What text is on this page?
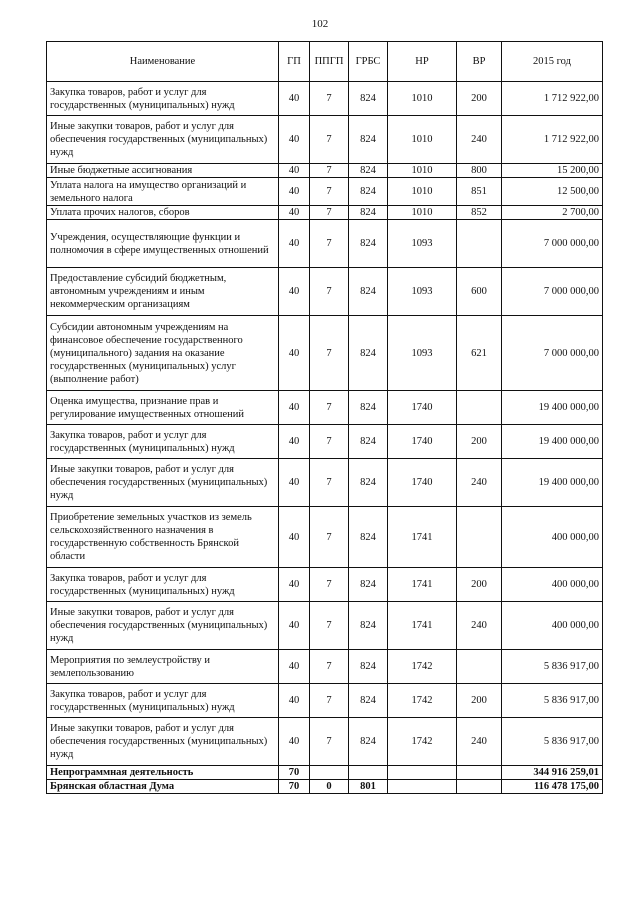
102
Наименование	ГП	ППГП	ГРБС	НР	ВР	2015 год
Закупка товаров, работ и услуг для государственных (муниципальных) нужд	40	7	824	1010	200	1 712 922,00
Иные закупки товаров, работ и услуг для обеспечения государственных (муниципальных) нужд	40	7	824	1010	240	1 712 922,00
Иные бюджетные ассигнования	40	7	824	1010	800	15 200,00
Уплата налога на имущество организаций и земельного налога	40	7	824	1010	851	12 500,00
Уплата прочих налогов, сборов	40	7	824	1010	852	2 700,00
Учреждения, осуществляющие функции и полномочия в сфере имущественных отношений	40	7	824	1093		7 000 000,00
Предоставление субсидий бюджетным, автономным учреждениям и иным некоммерческим организациям	40	7	824	1093	600	7 000 000,00
Субсидии автономным учреждениям на финансовое обеспечение государственного (муниципального) задания на оказание государственных (муниципальных) услуг (выполнение работ)	40	7	824	1093	621	7 000 000,00
Оценка имущества, признание прав и регулирование имущественных отношений	40	7	824	1740		19 400 000,00
Закупка товаров, работ и услуг для государственных (муниципальных) нужд	40	7	824	1740	200	19 400 000,00
Иные закупки товаров, работ и услуг для обеспечения государственных (муниципальных) нужд	40	7	824	1740	240	19 400 000,00
Приобретение земельных участков из земель сельскохозяйственного назначения в государственную собственность Брянской области	40	7	824	1741		400 000,00
Закупка товаров, работ и услуг для государственных (муниципальных) нужд	40	7	824	1741	200	400 000,00
Иные закупки товаров, работ и услуг для обеспечения государственных (муниципальных) нужд	40	7	824	1741	240	400 000,00
Мероприятия по землеустройству и землепользованию	40	7	824	1742		5 836 917,00
Закупка товаров, работ и услуг для государственных (муниципальных) нужд	40	7	824	1742	200	5 836 917,00
Иные закупки товаров, работ и услуг для обеспечения государственных (муниципальных) нужд	40	7	824	1742	240	5 836 917,00
Непрограммная деятельность	70					344 916 259,01
Брянская областная Дума	70	0	801			116 478 175,00
